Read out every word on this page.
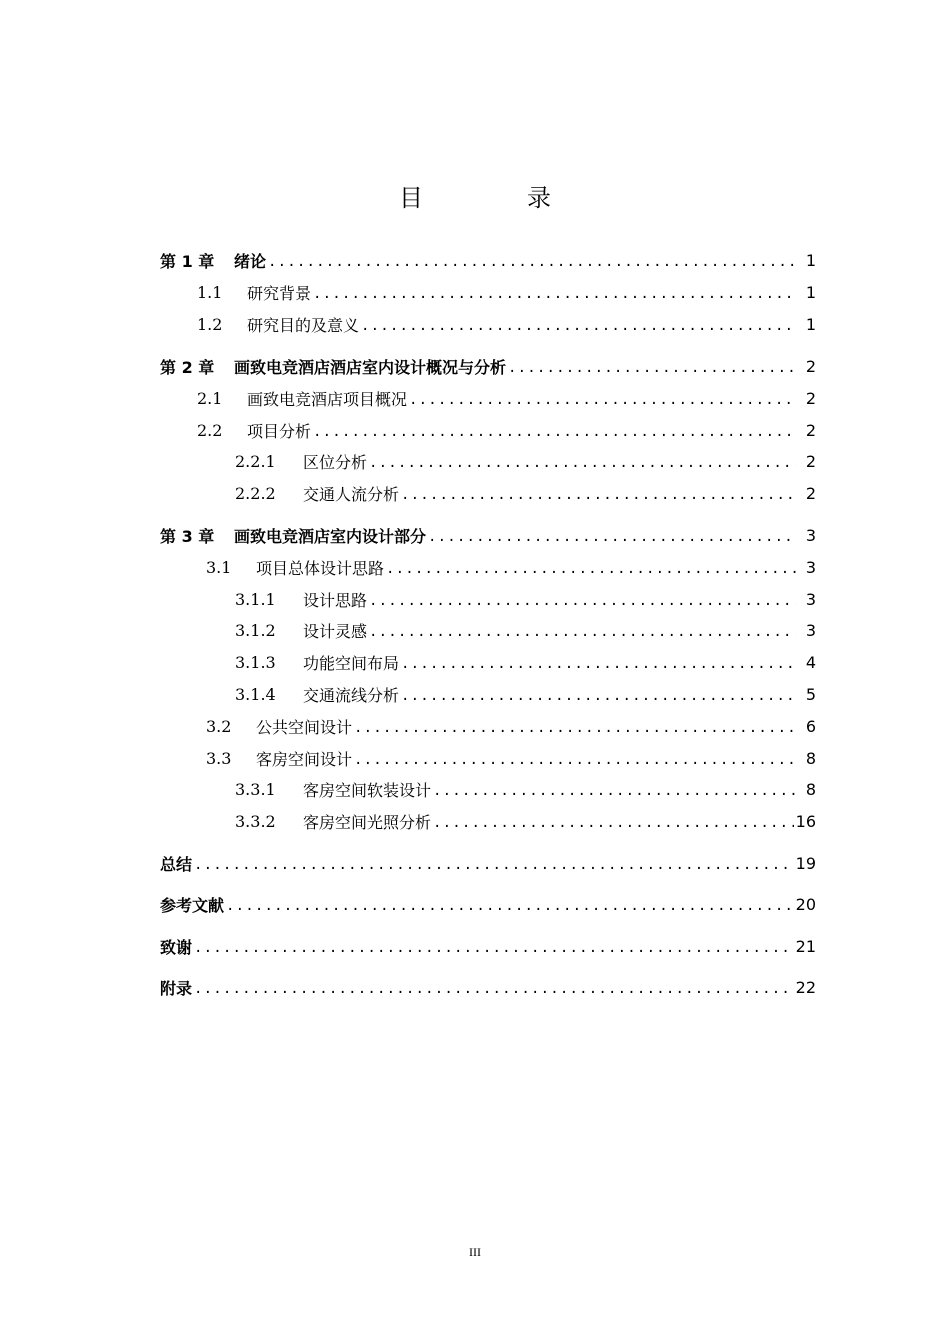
目　录
第 1 章	绪论 .....	1
1.1	研究背景 .....	1
1.2	研究目的及意义 .....	1
第 2 章	画致电竞酒店酒店室内设计概况与分析 .....	2
2.1	画致电竞酒店项目概况 .....	2
2.2	项目分析 .....	2
2.2.1	区位分析 .....	2
2.2.2	交通人流分析 .....	2
第 3 章	画致电竞酒店室内设计部分 .....	3
3.1	项目总体设计思路 .....	3
3.1.1	设计思路 .....	3
3.1.2	设计灵感 .....	3
3.1.3	功能空间布局 .....	4
3.1.4	交通流线分析 .....	5
3.2	公共空间设计 .....	6
3.3	客房空间设计 .....	8
3.3.1	客房空间软装设计 .....	8
3.3.2	客房空间光照分析 .....	16
总结 .....	19
参考文献 .....	20
致谢 .....	21
附录 .....	22
III
